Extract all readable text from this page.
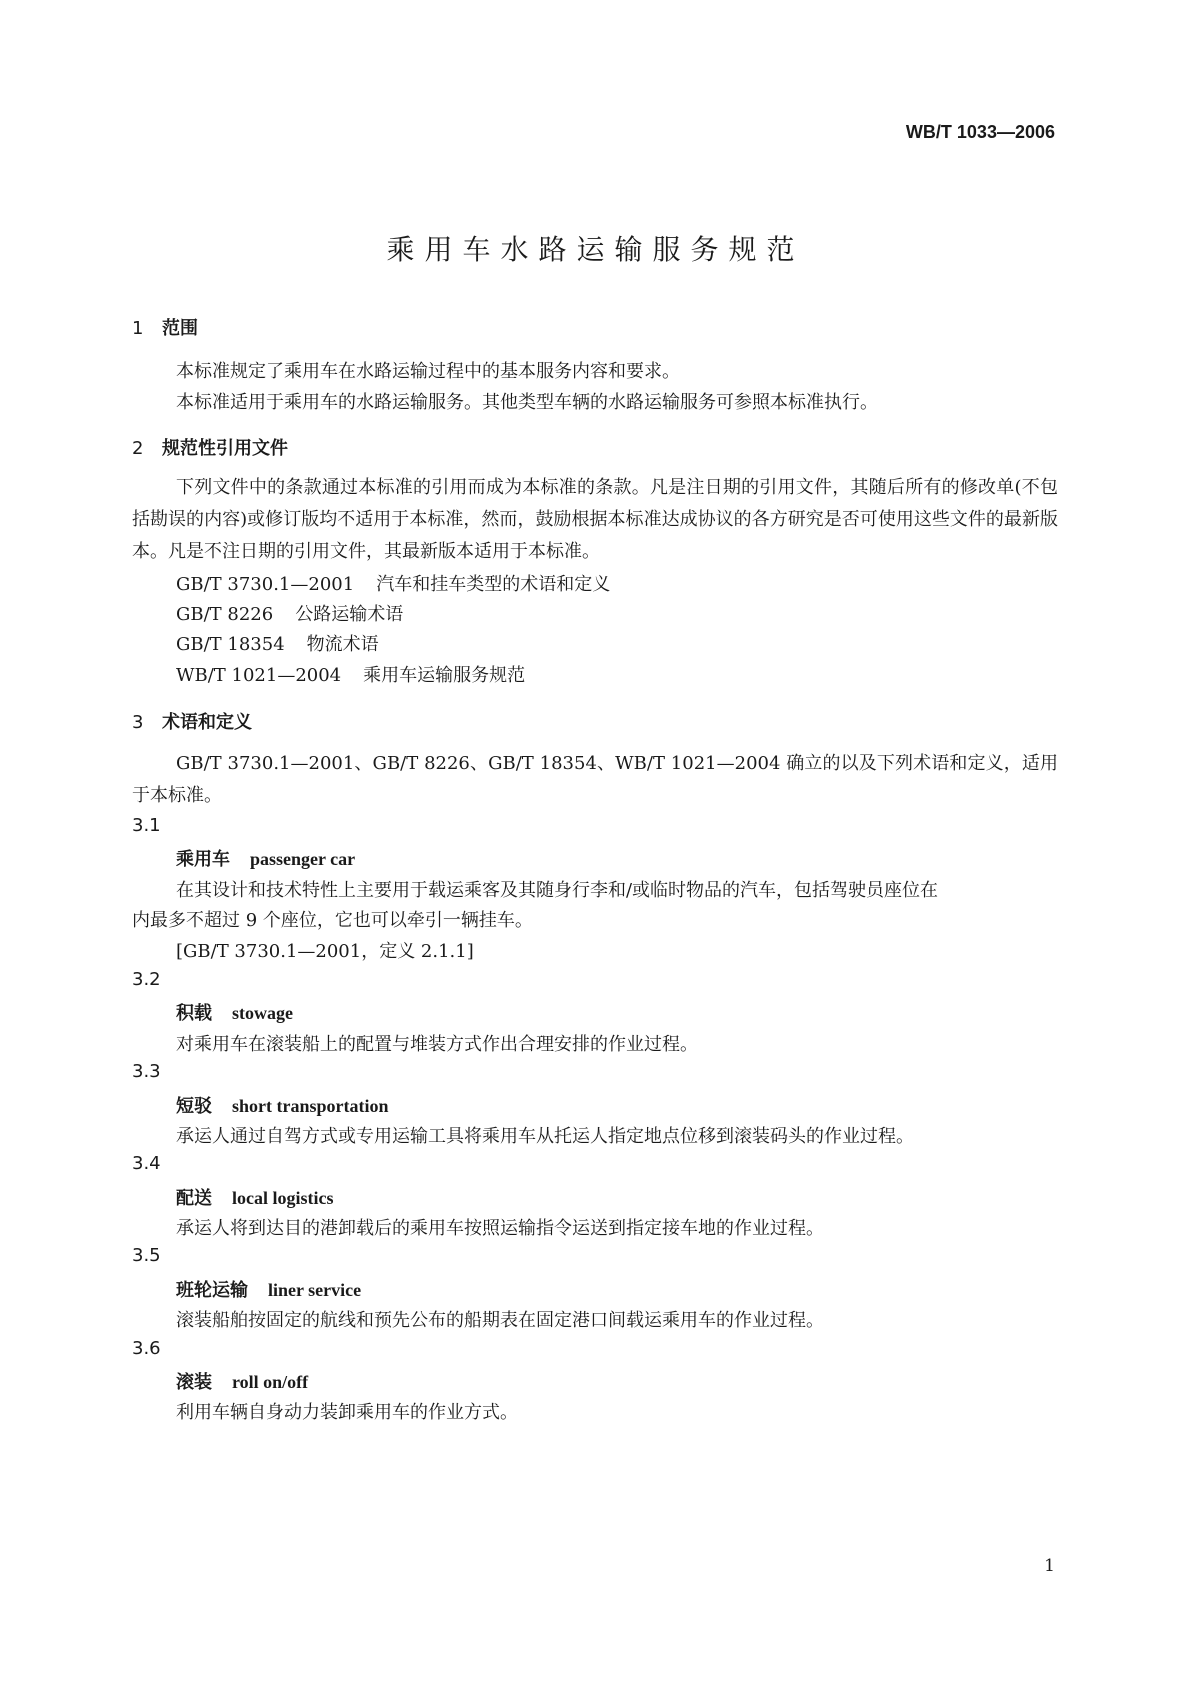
WB/T 1033—2006
乘用车水路运输服务规范
1 范围
本标准规定了乘用车在水路运输过程中的基本服务内容和要求。
本标准适用于乘用车的水路运输服务。其他类型车辆的水路运输服务可参照本标准执行。
2 规范性引用文件
下列文件中的条款通过本标准的引用而成为本标准的条款。凡是注日期的引用文件，其随后所有的修改单(不包括勘误的内容)或修订版均不适用于本标准，然而，鼓励根据本标准达成协议的各方研究是否可使用这些文件的最新版本。凡是不注日期的引用文件，其最新版本适用于本标准。
GB/T 3730.1—2001 汽车和挂车类型的术语和定义
GB/T 8226 公路运输术语
GB/T 18354 物流术语
WB/T 1021—2004 乘用车运输服务规范
3 术语和定义
GB/T 3730.1—2001、GB/T 8226、GB/T 18354、WB/T 1021—2004 确立的以及下列术语和定义，适用于本标准。
3.1
乘用车 passenger car
在其设计和技术特性上主要用于载运乘客及其随身行李和/或临时物品的汽车，包括驾驶员座位在
内最多不超过 9 个座位，它也可以牵引一辆挂车。
[GB/T 3730.1—2001，定义 2.1.1]
3.2
积载 stowage
对乘用车在滚装船上的配置与堆装方式作出合理安排的作业过程。
3.3
短驳 short transportation
承运人通过自驾方式或专用运输工具将乘用车从托运人指定地点位移到滚装码头的作业过程。
3.4
配送 local logistics
承运人将到达目的港卸载后的乘用车按照运输指令运送到指定接车地的作业过程。
3.5
班轮运输 liner service
滚装船舶按固定的航线和预先公布的船期表在固定港口间载运乘用车的作业过程。
3.6
滚装 roll on/off
利用车辆自身动力装卸乘用车的作业方式。
1
